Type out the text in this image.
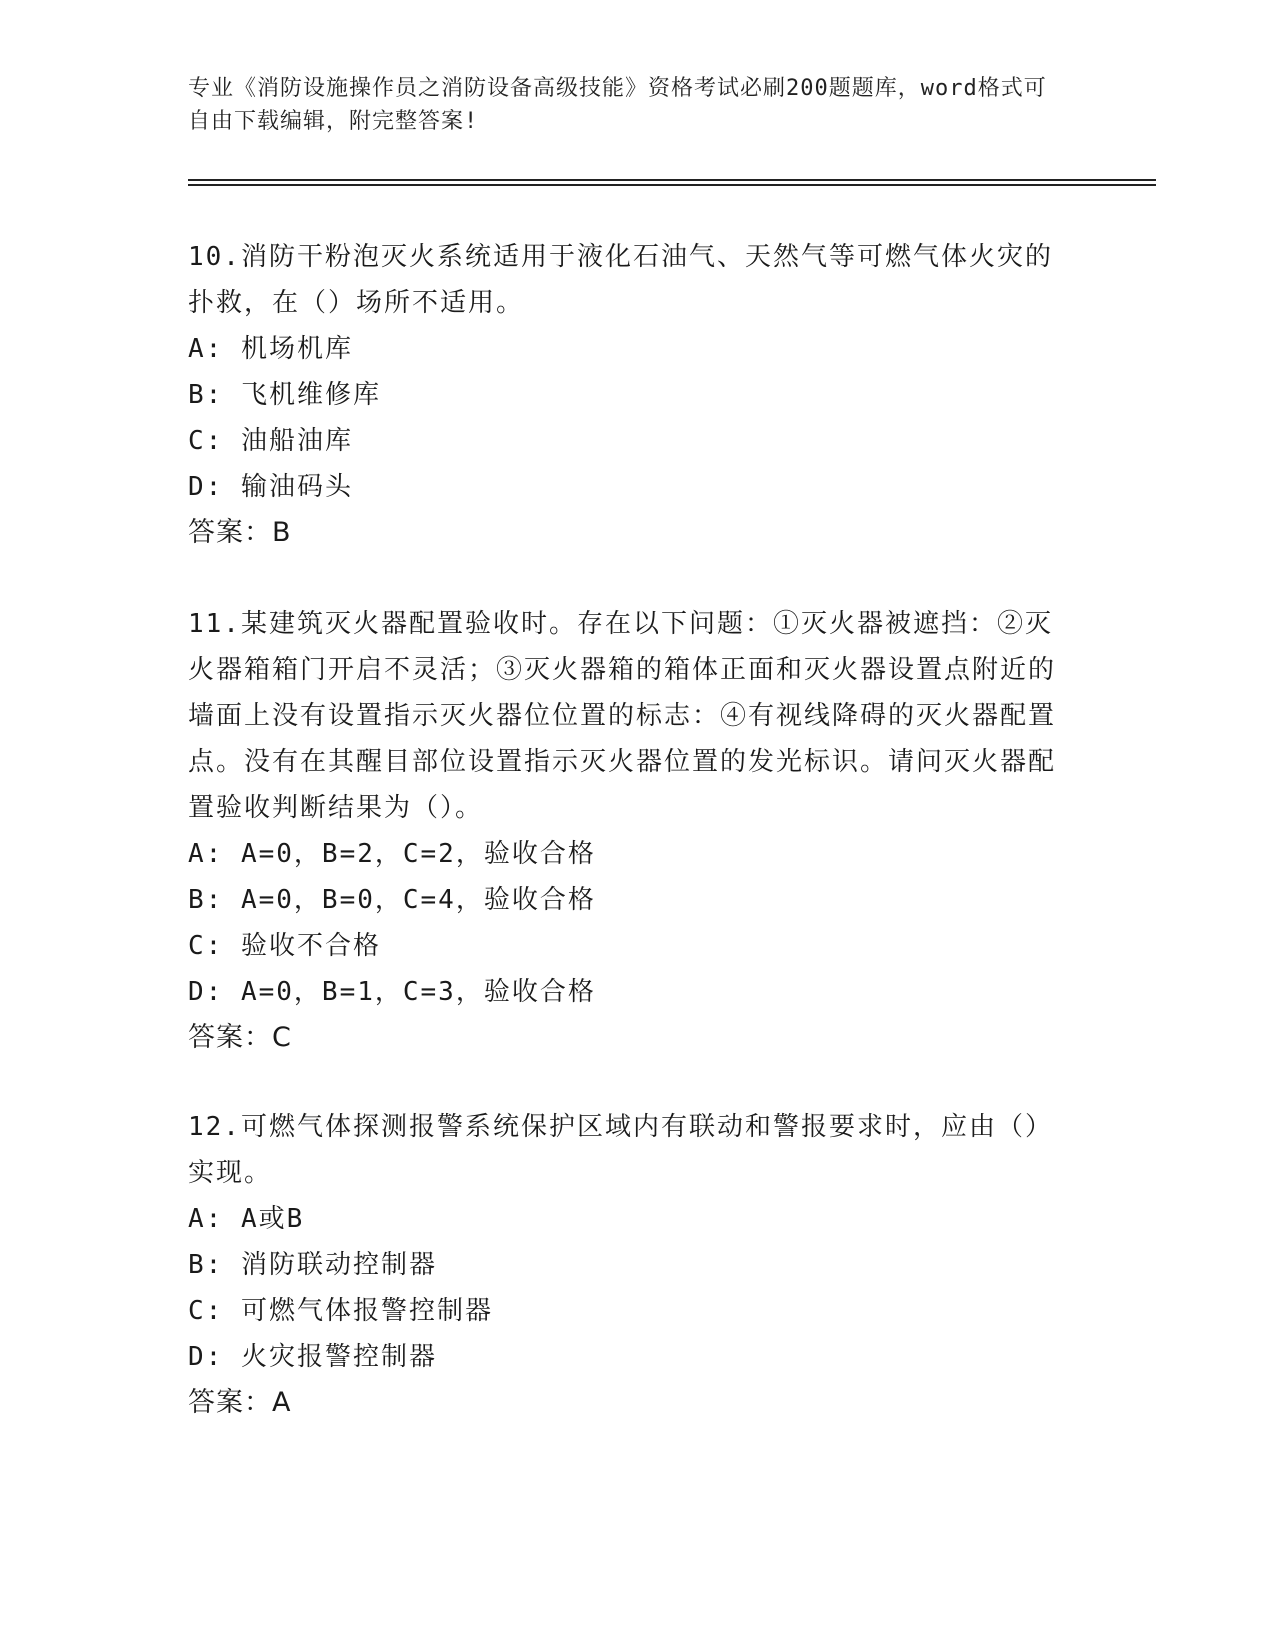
专业《消防设施操作员之消防设备高级技能》资格考试必刷200题题库，word格式可自由下载编辑，附完整答案!

10.消防干粉泡灭火系统适用于液化石油气、天然气等可燃气体火灾的扑救，在（）场所不适用。

A: 机场机库

B: 飞机维修库

C: 油船油库

D: 输油码头

答案：B

11.某建筑灭火器配置验收时。存在以下问题：①灭火器被遮挡：②灭火器箱箱门开启不灵活；③灭火器箱的箱体正面和灭火器设置点附近的墙面上没有设置指示灭火器位位置的标志：④有视线降碍的灭火器配置点。没有在其醒目部位设置指示灭火器位置的发光标识。请问灭火器配置验收判断结果为（）。

A: A=0，B=2，C=2，验收合格

B: A=0，B=0，C=4，验收合格

C: 验收不合格

D: A=0，B=1，C=3，验收合格

答案：C

12.可燃气体探测报警系统保护区域内有联动和警报要求时，应由（）实现。

A: A或B

B: 消防联动控制器

C: 可燃气体报警控制器

D: 火灾报警控制器

答案：A
